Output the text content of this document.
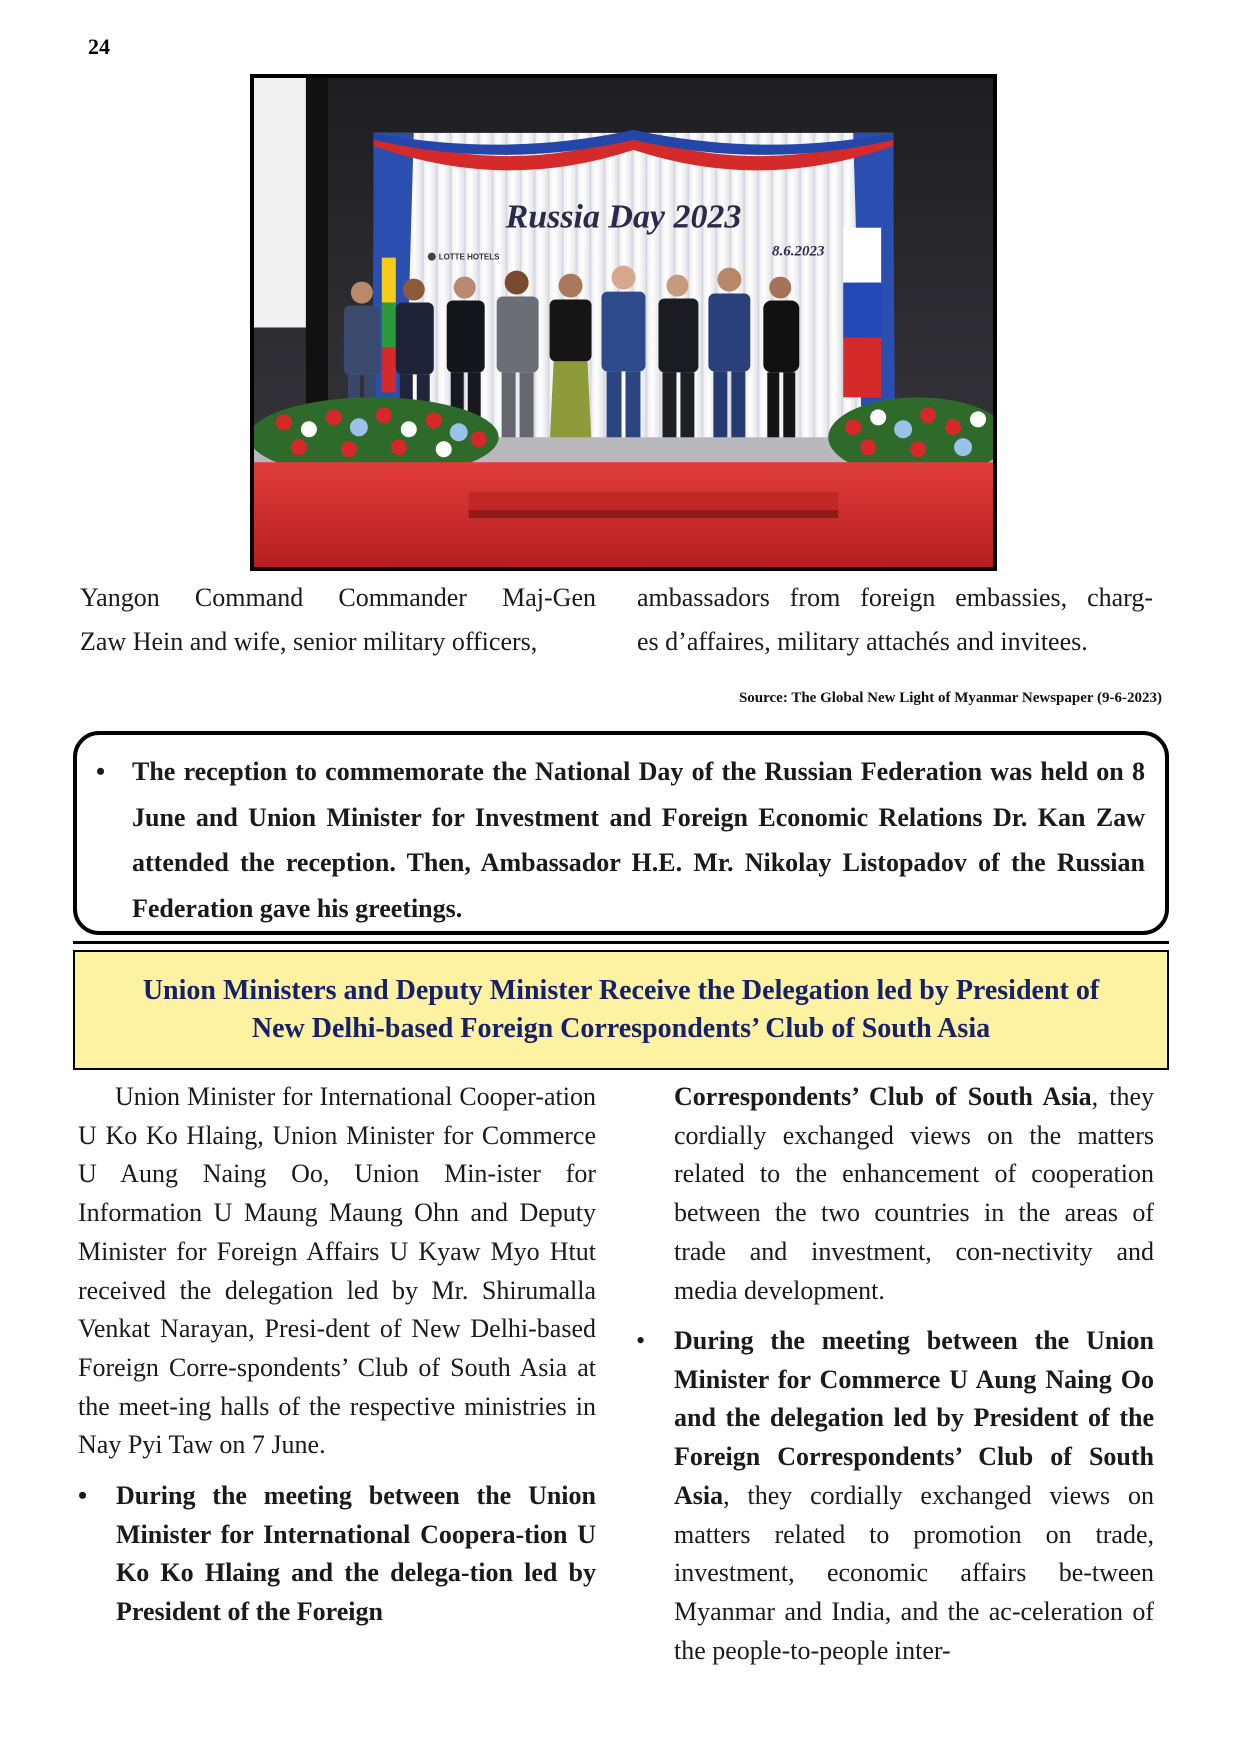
24
Russia Day 2023
8.6.2023
LOTTE HOTELS
Yangon Command Commander Maj-Gen
Zaw Hein and wife, senior military officers,
ambassadors from foreign embassies, charg-
es d’affaires, military attachés and invitees.
Source: The Global New Light of Myanmar Newspaper (9-6-2023)
• The reception to commemorate the National Day of the Russian Federation was held on 8 June and Union Minister for Investment and Foreign Economic Relations Dr. Kan Zaw attended the reception. Then, Ambassador H.E. Mr. Nikolay Listopadov of the Russian Federation gave his greetings.
Union Ministers and Deputy Minister Receive the Delegation led by President of
New Delhi-based Foreign Correspondents’ Club of South Asia

Union Minister for International Cooper-ation U Ko Ko Hlaing, Union Minister for Commerce U Aung Naing Oo, Union Min-ister for Information U Maung Maung Ohn and Deputy Minister for Foreign Affairs U Kyaw Myo Htut received the delegation led by Mr. Shirumalla Venkat Narayan, Presi-dent of New Delhi-based Foreign Corre-spondents’ Club of South Asia at the meet-ing halls of the respective ministries in Nay Pyi Taw on 7 June.

• During the meeting between the Union Minister for International Coopera-tion U Ko Ko Hlaing and the delega-tion led by President of the Foreign

Correspondents’ Club of South Asia, they cordially exchanged views on the matters related to the enhancement of cooperation between the two countries in the areas of trade and investment, con-nectivity and media development.

• During the meeting between the Union Minister for Commerce U Aung Naing Oo and the delegation led by President of the Foreign Correspondents’ Club of South Asia, they cordially exchanged views on matters related to promotion on trade, investment, economic affairs be-tween Myanmar and India, and the ac-celeration of the people-to-people inter-
